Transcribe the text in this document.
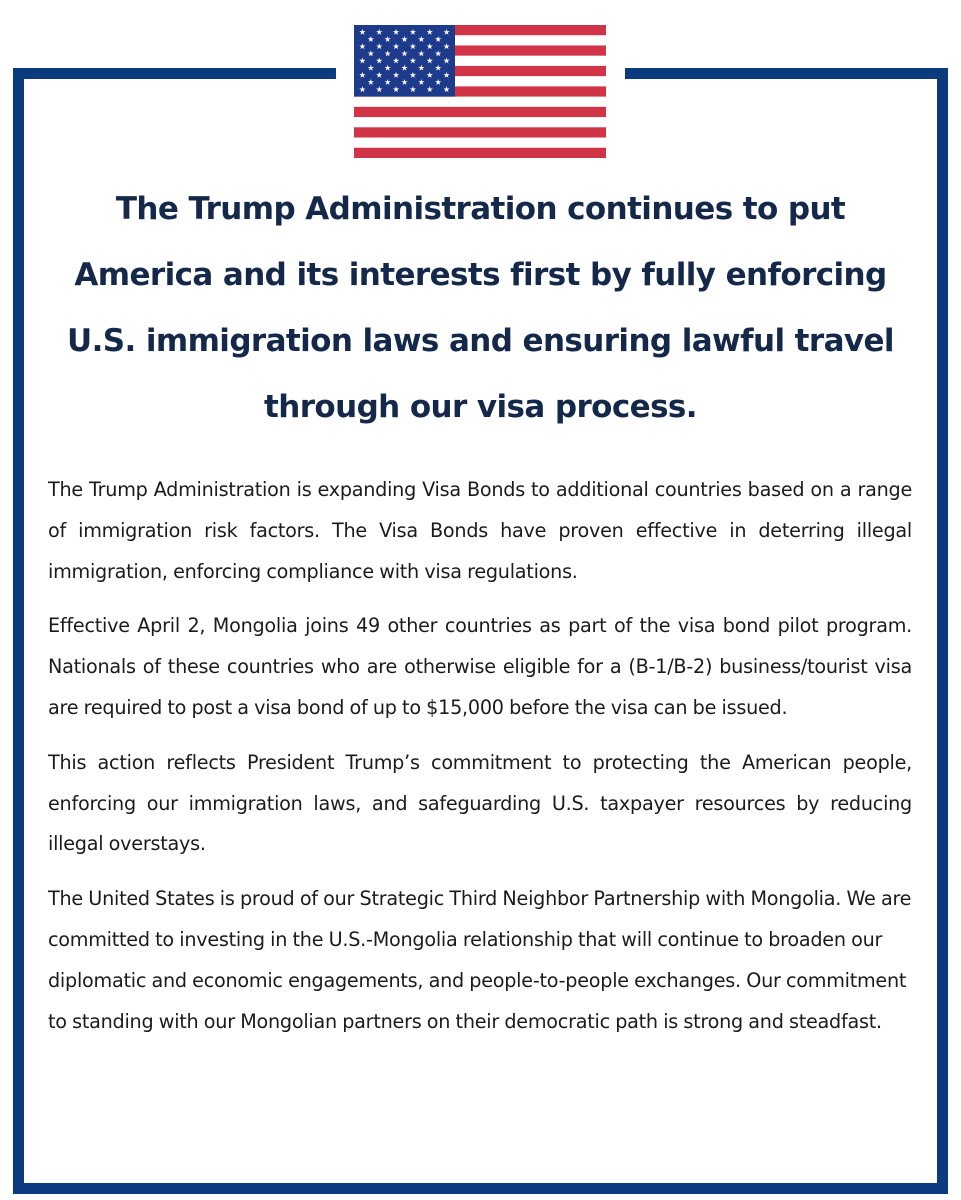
The Trump Administration continues to put America and its interests first by fully enforcing U.S. immigration laws and ensuring lawful travel through our visa process.

The Trump Administration is expanding Visa Bonds to additional countries based on a range of immigration risk factors. The Visa Bonds have proven effective in deterring illegal immigration, enforcing compliance with visa regulations.

Effective April 2, Mongolia joins 49 other countries as part of the visa bond pilot program. Nationals of these countries who are otherwise eligible for a (B-1/B-2) business/tourist visa are required to post a visa bond of up to $15,000 before the visa can be issued.

This action reflects President Trump’s commitment to protecting the American people, enforcing our immigration laws, and safeguarding U.S. taxpayer resources by reducing illegal overstays.

The United States is proud of our Strategic Third Neighbor Partnership with Mongolia. We are committed to investing in the U.S.-Mongolia relationship that will continue to broaden our diplomatic and economic engagements, and people-to-people exchanges. Our commitment to standing with our Mongolian partners on their democratic path is strong and steadfast.
